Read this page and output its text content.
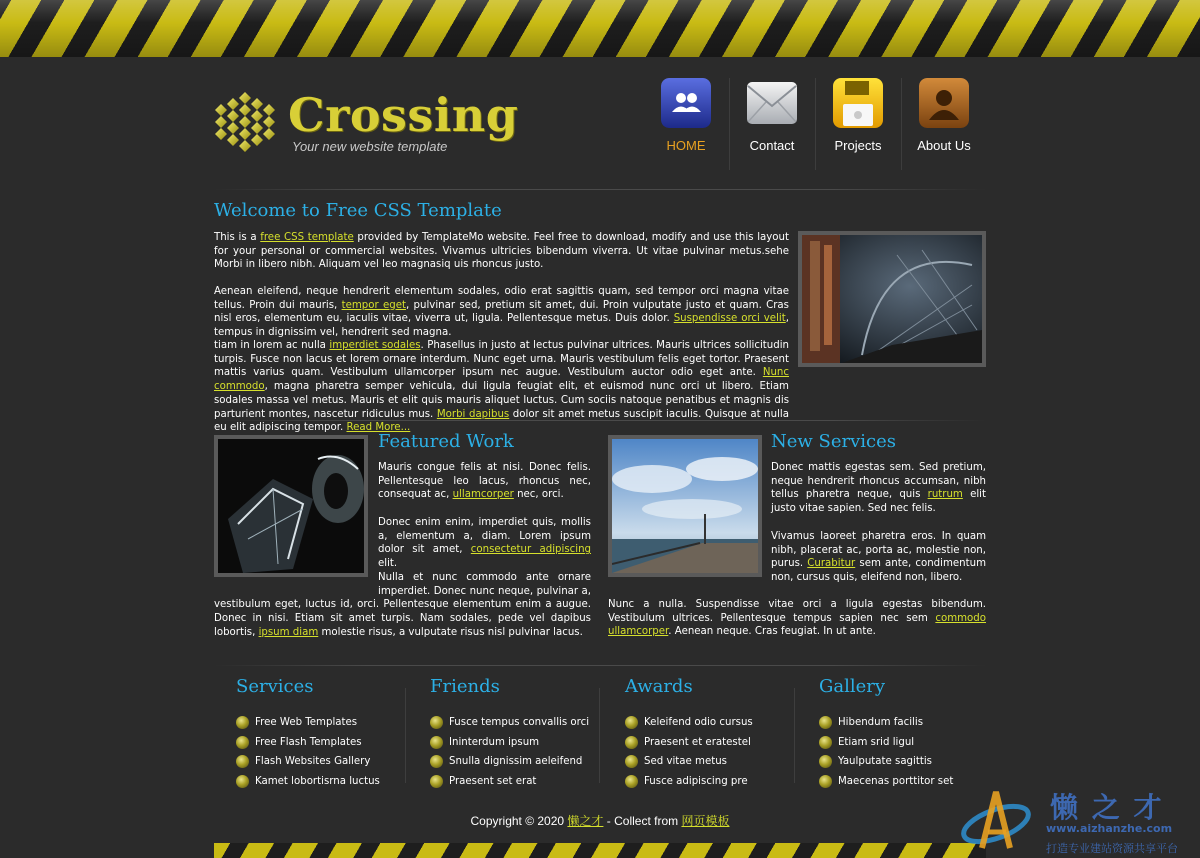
Crossing
Your new website template	HOME	Contact	Projects	About Us
Welcome to Free CSS Template

This is a free CSS template provided by TemplateMo website. Feel free to download, modify and use this layout for your personal or commercial websites. Vivamus ultricies bibendum viverra. Ut vitae pulvinar metus.sehe Morbi in libero nibh. Aliquam vel leo magnasiq uis rhoncus justo.

Aenean eleifend, neque hendrerit elementum sodales, odio erat sagittis quam, sed tempor orci magna vitae tellus. Proin dui mauris, tempor eget, pulvinar sed, pretium sit amet, dui. Proin vulputate justo et quam. Cras nisl eros, elementum eu, iaculis vitae, viverra ut, ligula. Pellentesque metus. Duis dolor. Suspendisse orci velit, tempus in dignissim vel, hendrerit sed magna.

tiam in lorem ac nulla imperdiet sodales. Phasellus in justo at lectus pulvinar ultrices. Mauris ultrices sollicitudin turpis. Fusce non lacus et lorem ornare interdum. Nunc eget urna. Mauris vestibulum felis eget tortor. Praesent mattis varius quam. Vestibulum ullamcorper ipsum nec augue. Vestibulum auctor odio eget ante. Nunc commodo, magna pharetra semper vehicula, dui ligula feugiat elit, et euismod nunc orci ut libero. Etiam sodales massa vel metus. Mauris et elit quis mauris aliquet luctus. Cum sociis natoque penatibus et magnis dis parturient montes, nascetur ridiculus mus. Morbi dapibus dolor sit amet metus suscipit iaculis. Quisque at nulla eu elit adipiscing tempor. Read More...

Featured Work

Mauris congue felis at nisi. Donec felis. Pellentesque leo lacus, rhoncus nec, consequat ac, ullamcorper nec, orci.

Donec enim enim, imperdiet quis, mollis a, elementum a, diam. Lorem ipsum dolor sit amet, consectetur adipiscing elit.

Nulla et nunc commodo ante ornare imperdiet. Donec nunc neque, pulvinar a, vestibulum eget, luctus id, orci. Pellentesque elementum enim a augue. Donec in nisi. Etiam sit amet turpis. Nam sodales, pede vel dapibus lobortis, ipsum diam molestie risus, a vulputate risus nisl pulvinar lacus.
New Services

Donec mattis egestas sem. Sed pretium, neque hendrerit rhoncus accumsan, nibh tellus pharetra neque, quis rutrum elit justo vitae sapien. Sed nec felis.

Vivamus laoreet pharetra eros. In quam nibh, placerat ac, porta ac, molestie non, purus. Curabitur sem ante, condimentum non, cursus quis, eleifend non, libero.

Nunc a nulla. Suspendisse vitae orci a ligula egestas bibendum. Vestibulum ultrices. Pellentesque tempus sapien nec sem commodo ullamcorper. Aenean neque. Cras feugiat. In ut ante.

Services
Free Web Templates
Free Flash Templates
Flash Websites Gallery
Kamet lobortisrna luctus
Friends
Fusce tempus convallis orci
Ininterdum ipsum
Snulla dignissim aeleifend
Praesent set erat
Awards
Keleifend odio cursus
Praesent et eratestel
Sed vitae metus
Fusce adipiscing pre
Gallery
Hibendum facilis
Etiam srid ligul
Yaulputate sagittis
Maecenas porttitor set
Copyright © 2020 懒之才 - Collect from 网页模板	懒 之 才
www.aizhanzhe.com
打造专业建站资源共享平台
